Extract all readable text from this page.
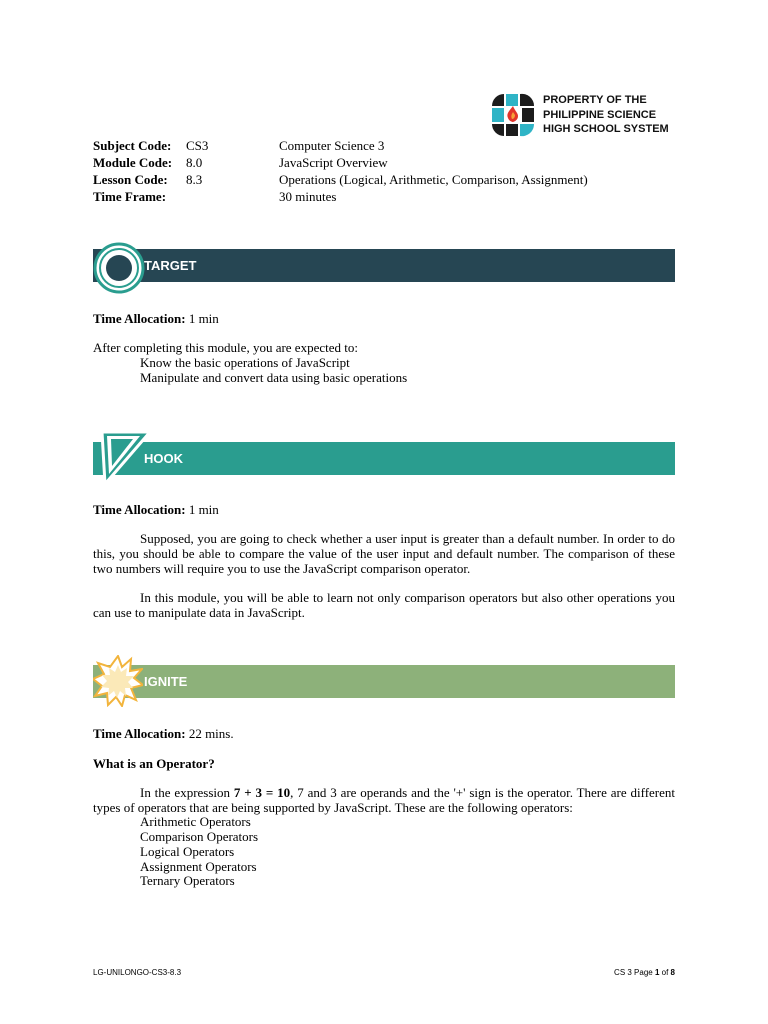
PROPERTY OF THE
PHILIPPINE SCIENCE
HIGH SCHOOL SYSTEM
Subject Code: CS3	Computer Science 3
Module Code: 8.0	JavaScript Overview
Lesson Code: 8.3	Operations (Logical, Arithmetic, Comparison, Assignment)
Time Frame:	30 minutes
TARGET
Time Allocation: 1 min
After completing this module, you are expected to:
Know the basic operations of JavaScript
Manipulate and convert data using basic operations
HOOK
Time Allocation: 1 min

Supposed, you are going to check whether a user input is greater than a default number. In order to do this, you should be able to compare the value of the user input and default number. The comparison of these two numbers will require you to use the JavaScript comparison operator.

In this module, you will be able to learn not only comparison operators but also other operations you can use to manipulate data in JavaScript.

IGNITE
Time Allocation: 22 mins.
What is an Operator?

In the expression 7 + 3 = 10, 7 and 3 are operands and the '+' sign is the operator. There are different types of operators that are being supported by JavaScript. These are the following operators:

Arithmetic Operators
Comparison Operators
Logical Operators
Assignment Operators
Ternary Operators
LG-UNILONGO-CS3-8.3	CS 3 Page 1 of 8
